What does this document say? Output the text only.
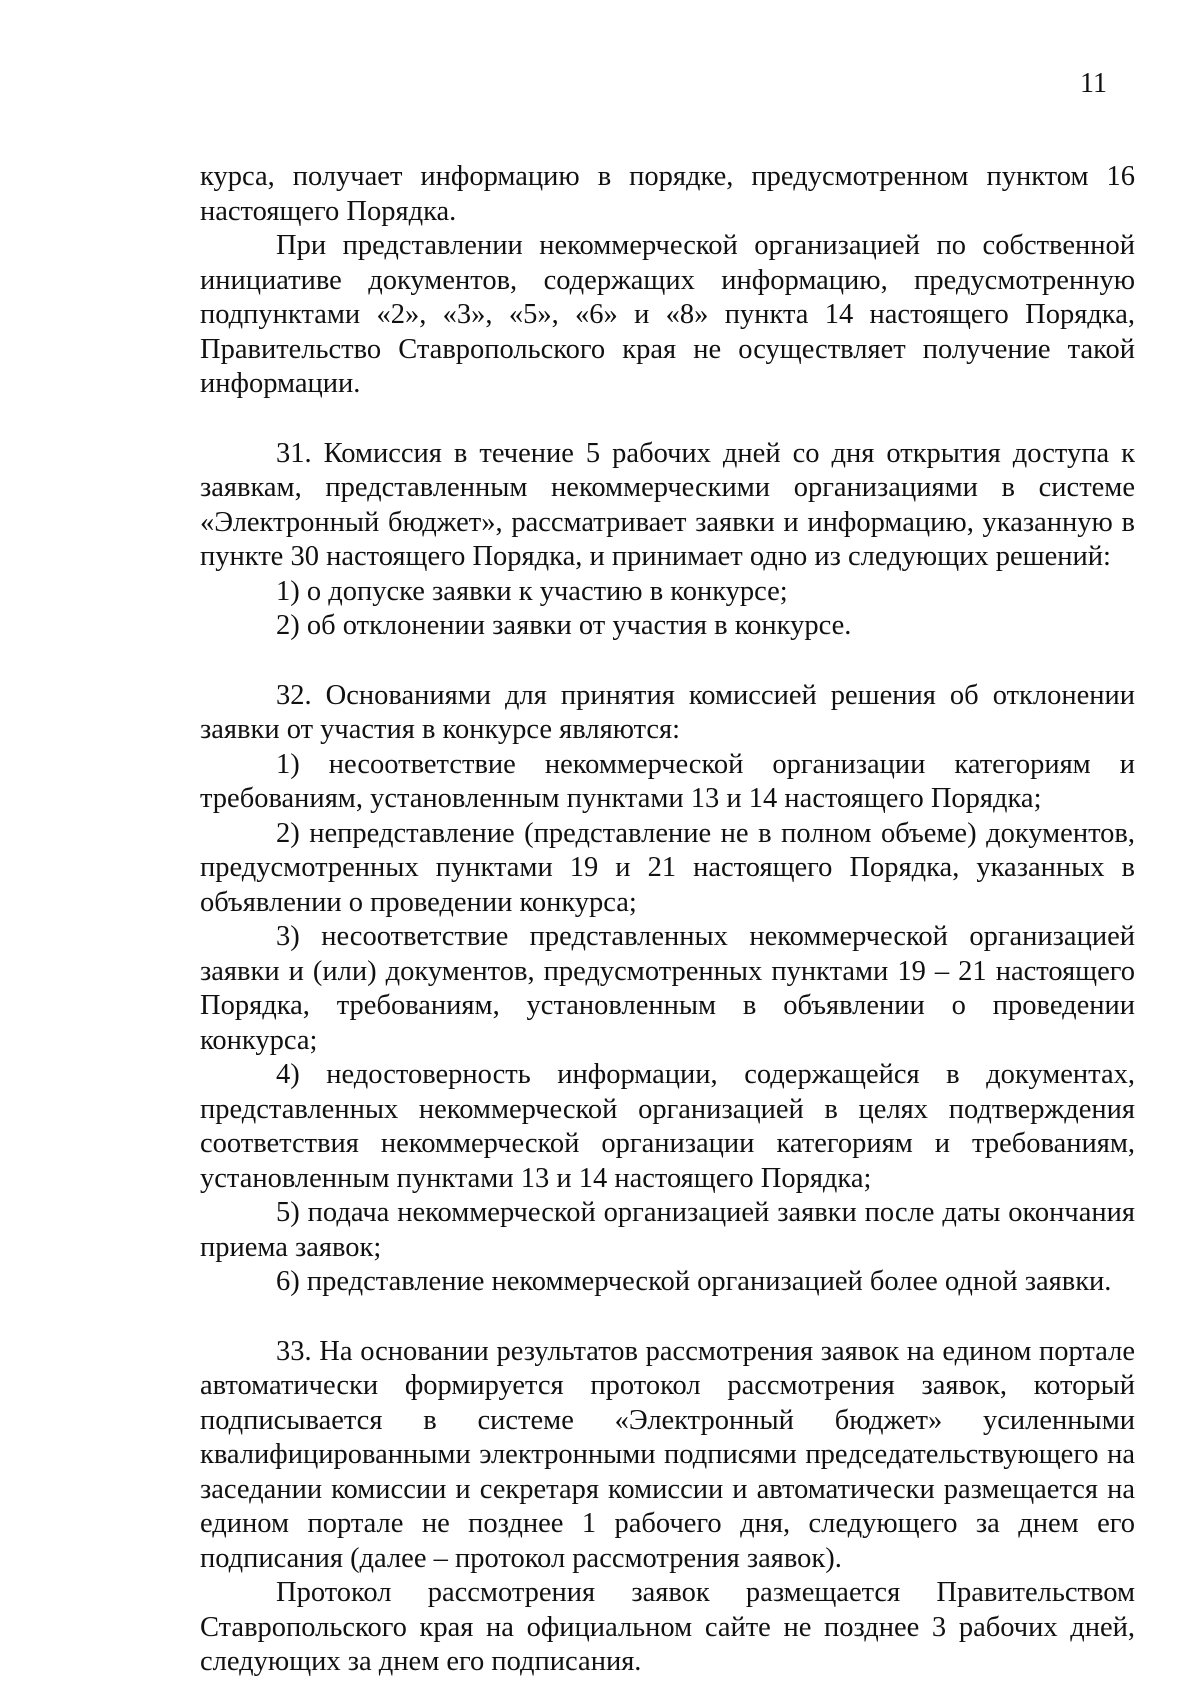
11

курса, получает информацию в порядке, предусмотренном пунктом 16 настоящего Порядка.

При представлении некоммерческой организацией по собственной инициативе документов, содержащих информацию, предусмотренную подпунктами «2», «3», «5», «6» и «8» пункта 14 настоящего Порядка, Правительство Ставропольского края не осуществляет получение такой информации.

31. Комиссия в течение 5 рабочих дней со дня открытия доступа к заявкам, представленным некоммерческими организациями в системе «Электронный бюджет», рассматривает заявки и информацию, указанную в пункте 30 настоящего Порядка, и принимает одно из следующих решений:

1) о допуске заявки к участию в конкурсе;

2) об отклонении заявки от участия в конкурсе.

32. Основаниями для принятия комиссией решения об отклонении заявки от участия в конкурсе являются:

1) несоответствие некоммерческой организации категориям и требованиям, установленным пунктами 13 и 14 настоящего Порядка;

2) непредставление (представление не в полном объеме) документов, предусмотренных пунктами 19 и 21 настоящего Порядка, указанных в объявлении о проведении конкурса;

3) несоответствие представленных некоммерческой организацией заявки и (или) документов, предусмотренных пунктами 19 – 21 настоящего Порядка, требованиям, установленным в объявлении о проведении конкурса;

4) недостоверность информации, содержащейся в документах, представленных некоммерческой организацией в целях подтверждения соответствия некоммерческой организации категориям и требованиям, установленным пунктами 13 и 14 настоящего Порядка;

5) подача некоммерческой организацией заявки после даты окончания приема заявок;

6) представление некоммерческой организацией более одной заявки.

33. На основании результатов рассмотрения заявок на едином портале автоматически формируется протокол рассмотрения заявок, который подписывается в системе «Электронный бюджет» усиленными квалифицированными электронными подписями председательствующего на заседании комиссии и секретаря комиссии и автоматически размещается на едином портале не позднее 1 рабочего дня, следующего за днем его подписания (далее – протокол рассмотрения заявок).

Протокол рассмотрения заявок размещается Правительством Ставропольского края на официальном сайте не позднее 3 рабочих дней, следующих за днем его подписания.
